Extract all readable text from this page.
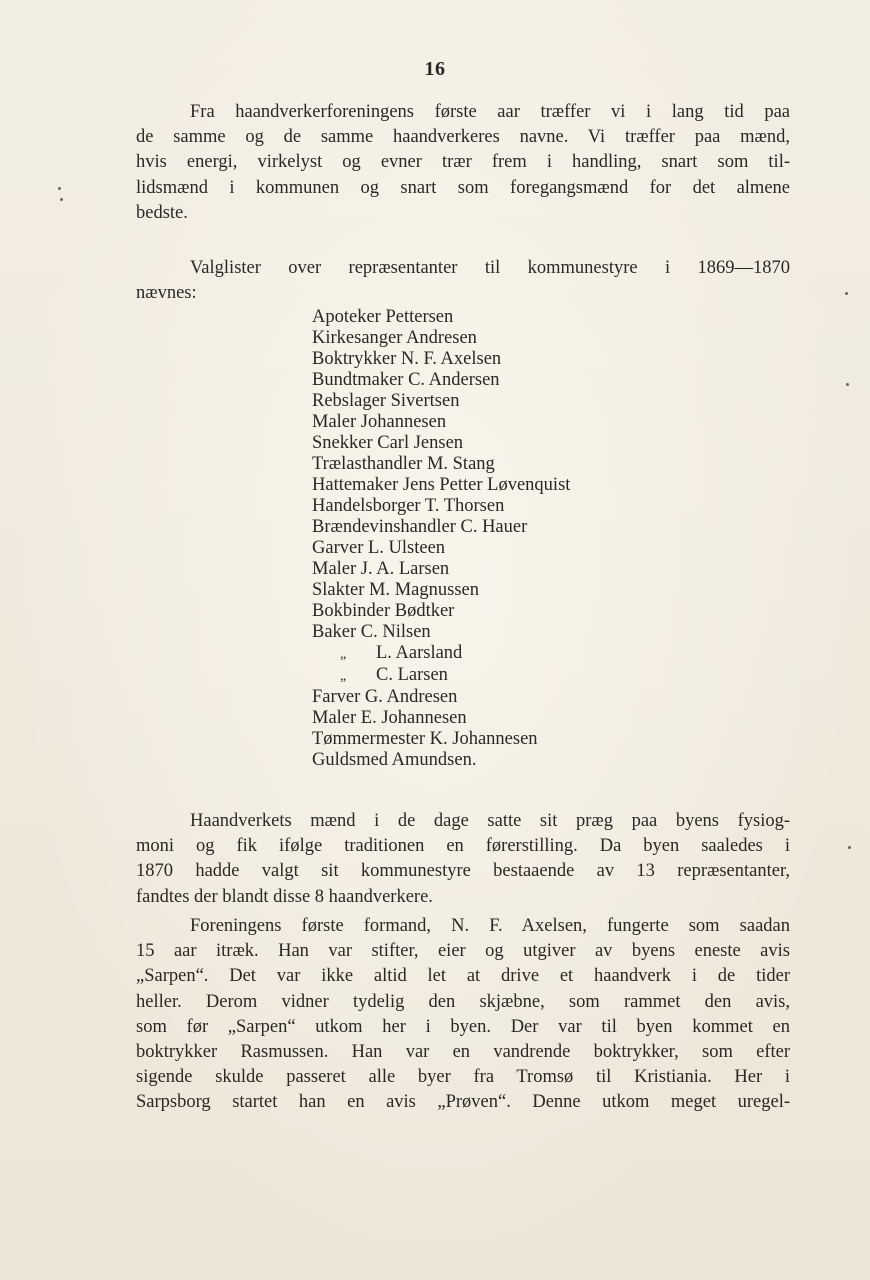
16

Fra haandverkerforeningens første aar træffer vi i lang tid paa
de samme og de samme haandverkeres navne. Vi træffer paa mænd,
hvis energi, virkelyst og evner trær frem i handling, snart som til-
lidsmænd i kommunen og snart som foregangsmænd for det almene
bedste.

Valglister over repræsentanter til kommunestyre i 1869—1870
nævnes:

Apoteker Pettersen
Kirkesanger Andresen
Boktrykker N. F. Axelsen
Bundtmaker C. Andersen
Rebslager Sivertsen
Maler Johannesen
Snekker Carl Jensen
Trælasthandler M. Stang
Hattemaker Jens Petter Løvenquist
Handelsborger T. Thorsen
Brændevinshandler C. Hauer
Garver L. Ulsteen
Maler J. A. Larsen
Slakter M. Magnussen
Bokbinder Bødtker
Baker C. Nilsen
„ L. Aarsland
„ C. Larsen
Farver G. Andresen
Maler E. Johannesen
Tømmermester K. Johannesen
Guldsmed Amundsen.

Haandverkets mænd i de dage satte sit præg paa byens fysiog-
moni og fik ifølge traditionen en førerstilling. Da byen saaledes i
1870 hadde valgt sit kommunestyre bestaaende av 13 repræsentanter,
fandtes der blandt disse 8 haandverkere.

Foreningens første formand, N. F. Axelsen, fungerte som saadan
15 aar itræk. Han var stifter, eier og utgiver av byens eneste avis
„Sarpen“. Det var ikke altid let at drive et haandverk i de tider
heller. Derom vidner tydelig den skjæbne, som rammet den avis,
som før „Sarpen“ utkom her i byen. Der var til byen kommet en
boktrykker Rasmussen. Han var en vandrende boktrykker, som efter
sigende skulde passeret alle byer fra Tromsø til Kristiania. Her i
Sarpsborg startet han en avis „Prøven“. Denne utkom meget uregel-
